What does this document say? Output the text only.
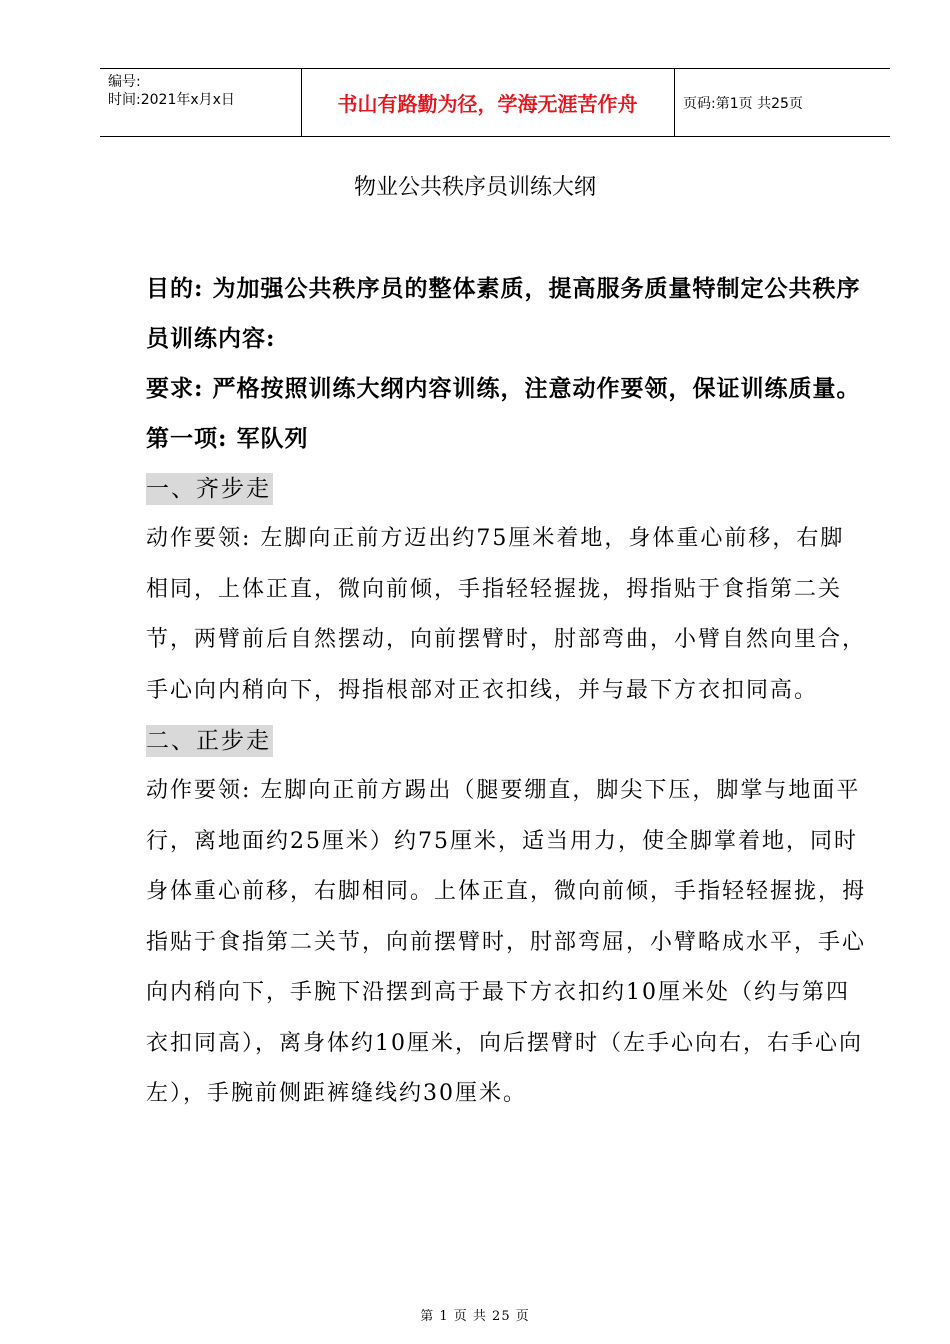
编号:
时间:2021年x月x日	书山有路勤为径，学海无涯苦作舟	页码:第1页 共25页
物业公共秩序员训练大纲
目的: 为加强公共秩序员的整体素质，提高服务质量特制定公共秩序员训练内容:
要求: 严格按照训练大纲内容训练，注意动作要领，保证训练质量。
第一项: 军队列
一、齐步走

动作要领: 左脚向正前方迈出约75厘米着地，身体重心前移，右脚相同，上体正直，微向前倾，手指轻轻握拢，拇指贴于食指第二关节，两臂前后自然摆动，向前摆臂时，肘部弯曲，小臂自然向里合，手心向内稍向下，拇指根部对正衣扣线，并与最下方衣扣同高。

二、正步走

动作要领: 左脚向正前方踢出（腿要绷直，脚尖下压，脚掌与地面平行，离地面约25厘米）约75厘米，适当用力，使全脚掌着地，同时身体重心前移，右脚相同。上体正直，微向前倾，手指轻轻握拢，拇指贴于食指第二关节，向前摆臂时，肘部弯屈，小臂略成水平，手心向内稍向下，手腕下沿摆到高于最下方衣扣约10厘米处（约与第四衣扣同高），离身体约10厘米，向后摆臂时（左手心向右，右手心向左），手腕前侧距裤缝线约30厘米。

第 1 页 共 25 页
